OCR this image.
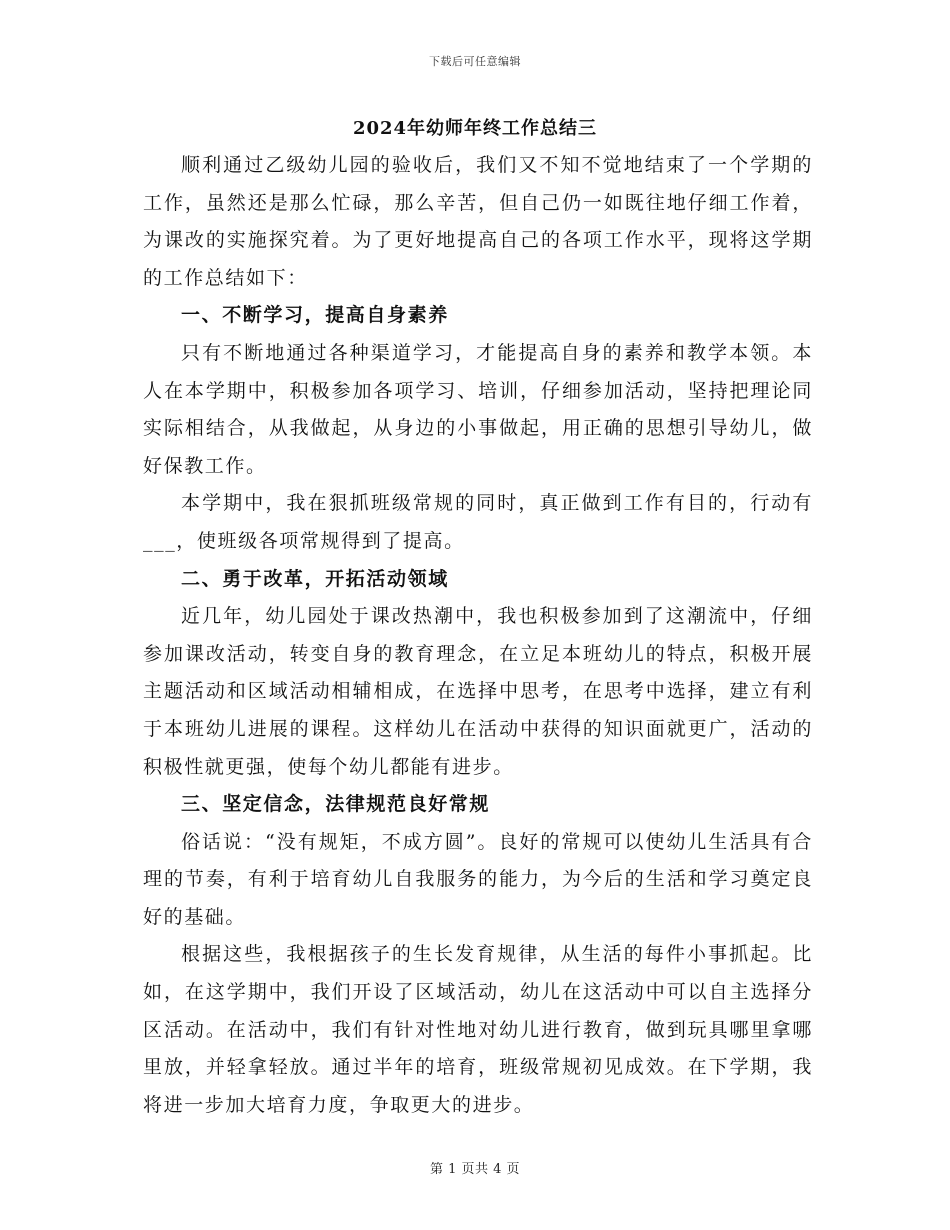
下载后可任意编辑
2024年幼师年终工作总结三

顺利通过乙级幼儿园的验收后，我们又不知不觉地结束了一个学期的工作，虽然还是那么忙碌，那么辛苦，但自己仍一如既往地仔细工作着，为课改的实施探究着。为了更好地提高自己的各项工作水平，现将这学期的工作总结如下：

一、不断学习，提高自身素养

只有不断地通过各种渠道学习，才能提高自身的素养和教学本领。本人在本学期中，积极参加各项学习、培训，仔细参加活动，坚持把理论同实际相结合，从我做起，从身边的小事做起，用正确的思想引导幼儿，做好保教工作。

本学期中，我在狠抓班级常规的同时，真正做到工作有目的，行动有___，使班级各项常规得到了提高。

二、勇于改革，开拓活动领域

近几年，幼儿园处于课改热潮中，我也积极参加到了这潮流中，仔细参加课改活动，转变自身的教育理念，在立足本班幼儿的特点，积极开展主题活动和区域活动相辅相成，在选择中思考，在思考中选择，建立有利于本班幼儿进展的课程。这样幼儿在活动中获得的知识面就更广，活动的积极性就更强，使每个幼儿都能有进步。

三、坚定信念，法律规范良好常规

俗话说：“没有规矩，不成方圆”。良好的常规可以使幼儿生活具有合理的节奏，有利于培育幼儿自我服务的能力，为今后的生活和学习奠定良好的基础。

根据这些，我根据孩子的生长发育规律，从生活的每件小事抓起。比如，在这学期中，我们开设了区域活动，幼儿在这活动中可以自主选择分区活动。在活动中，我们有针对性地对幼儿进行教育，做到玩具哪里拿哪里放，并轻拿轻放。通过半年的培育，班级常规初见成效。在下学期，我将进一步加大培育力度，争取更大的进步。

第 1 页共 4 页
